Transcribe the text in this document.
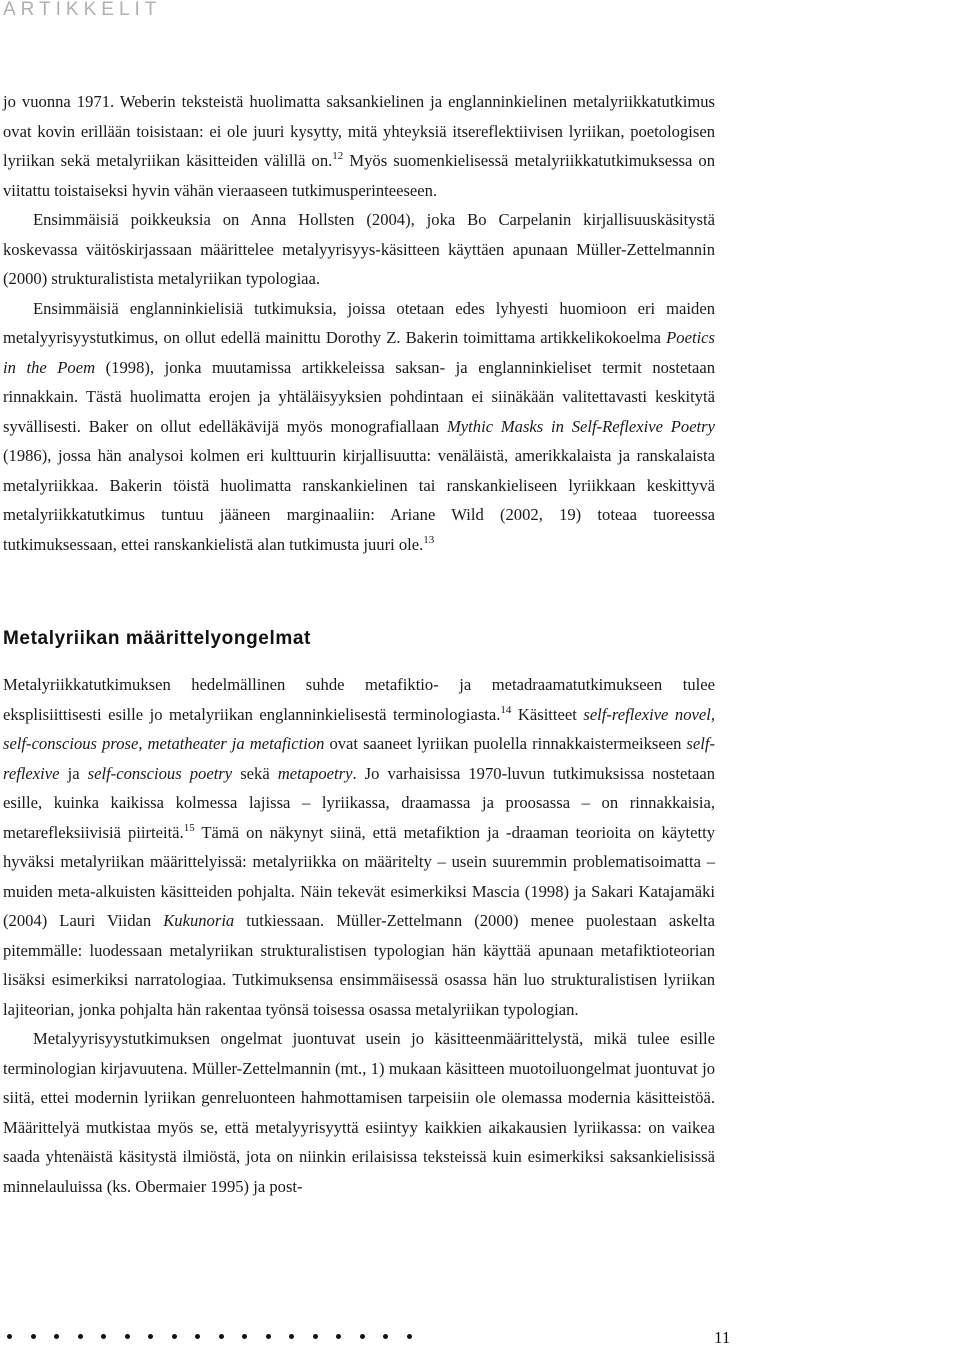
ARTIKKELIT

jo vuonna 1971. Weberin teksteistä huolimatta saksankielinen ja englanninkielinen metalyriikkatutkimus ovat kovin erillään toisistaan: ei ole juuri kysytty, mitä yhteyksiä itsereflektiivisen lyriikan, poetologisen lyriikan sekä metalyriikan käsitteiden välillä on.$^{12}$ Myös suomenkielisessä metalyriikkatutkimuksessa on viitattu toistaiseksi hyvin vähän vieraaseen tutkimusperinteeseen.

Ensimmäisiä poikkeuksia on Anna Hollsten (2004), joka Bo Carpelanin kirjallisuuskäsitystä koskevassa väitöskirjassaan määrittelee metalyyrisyys-käsitteen käyttäen apunaan Müller-Zettelmannin (2000) strukturalistista metalyriikan typologiaa.

Ensimmäisiä englanninkielisiä tutkimuksia, joissa otetaan edes lyhyesti huomioon eri maiden metalyyrisyystutkimus, on ollut edellä mainittu Dorothy Z. Bakerin toimittama artikkelikokoelma Poetics in the Poem (1998), jonka muutamissa artikkeleissa saksan- ja englanninkieliset termit nostetaan rinnakkain. Tästä huolimatta erojen ja yhtäläisyyksien pohdintaan ei siinäkään valitettavasti keskitytä syvällisesti. Baker on ollut edelläkävijä myös monografiallaan Mythic Masks in Self-Reflexive Poetry (1986), jossa hän analysoi kolmen eri kulttuurin kirjallisuutta: venäläistä, amerikkalaista ja ranskalaista metalyriikkaa. Bakerin töistä huolimatta ranskankielinen tai ranskankieliseen lyriikkaan keskittyvä metalyriikkatutkimus tuntuu jääneen marginaaliin: Ariane Wild (2002, 19) toteaa tuoreessa tutkimuksessaan, ettei ranskankielistä alan tutkimusta juuri ole.$^{13}$

Metalyriikan määrittelyongelmat

Metalyriikkatutkimuksen hedelmällinen suhde metafiktio- ja metadraamatutkimukseen tulee eksplisiittisesti esille jo metalyriikan englanninkielisestä terminologiasta.$^{14}$ Käsitteet self-reflexive novel, self-conscious prose, metatheater ja metafiction ovat saaneet lyriikan puolella rinnakkaistermeikseen self-reflexive ja self-conscious poetry sekä metapoetry. Jo varhaisissa 1970-luvun tutkimuksissa nostetaan esille, kuinka kaikissa kolmessa lajissa – lyriikassa, draamassa ja proosassa – on rinnakkaisia, metarefleksiivisiä piirteitä.$^{15}$ Tämä on näkynyt siinä, että metafiktion ja -draaman teorioita on käytetty hyväksi metalyriikan määrittelyissä: metalyriikka on määritelty – usein suuremmin problematisoimatta – muiden meta-alkuisten käsitteiden pohjalta. Näin tekevät esimerkiksi Mascia (1998) ja Sakari Katajamäki (2004) Lauri Viidan Kukunoria tutkiessaan. Müller-Zettelmann (2000) menee puolestaan askelta pitemmälle: luodessaan metalyriikan strukturalistisen typologian hän käyttää apunaan metafiktioteorian lisäksi esimerkiksi narratologiaa. Tutkimuksensa ensimmäisessä osassa hän luo strukturalistisen lyriikan lajiteorian, jonka pohjalta hän rakentaa työnsä toisessa osassa metalyriikan typologian.

Metalyyrisyystutkimuksen ongelmat juontuvat usein jo käsitteenmäärittelystä, mikä tulee esille terminologian kirjavuutena. Müller-Zettelmannin (mt., 1) mukaan käsitteen muotoiluongelmat juontuvat jo siitä, ettei modernin lyriikan genreluonteen hahmottamisen tarpeisiin ole olemassa modernia käsitteistöä. Määrittelyä mutkistaa myös se, että metalyyrisyyttä esiintyy kaikkien aikakausien lyriikassa: on vaikea saada yhtenäistä käsitystä ilmiöstä, jota on niinkin erilaisissa teksteissä kuin esimerkiksi saksankielisissä minnelauluissa (ks. Obermaier 1995) ja post-

11
